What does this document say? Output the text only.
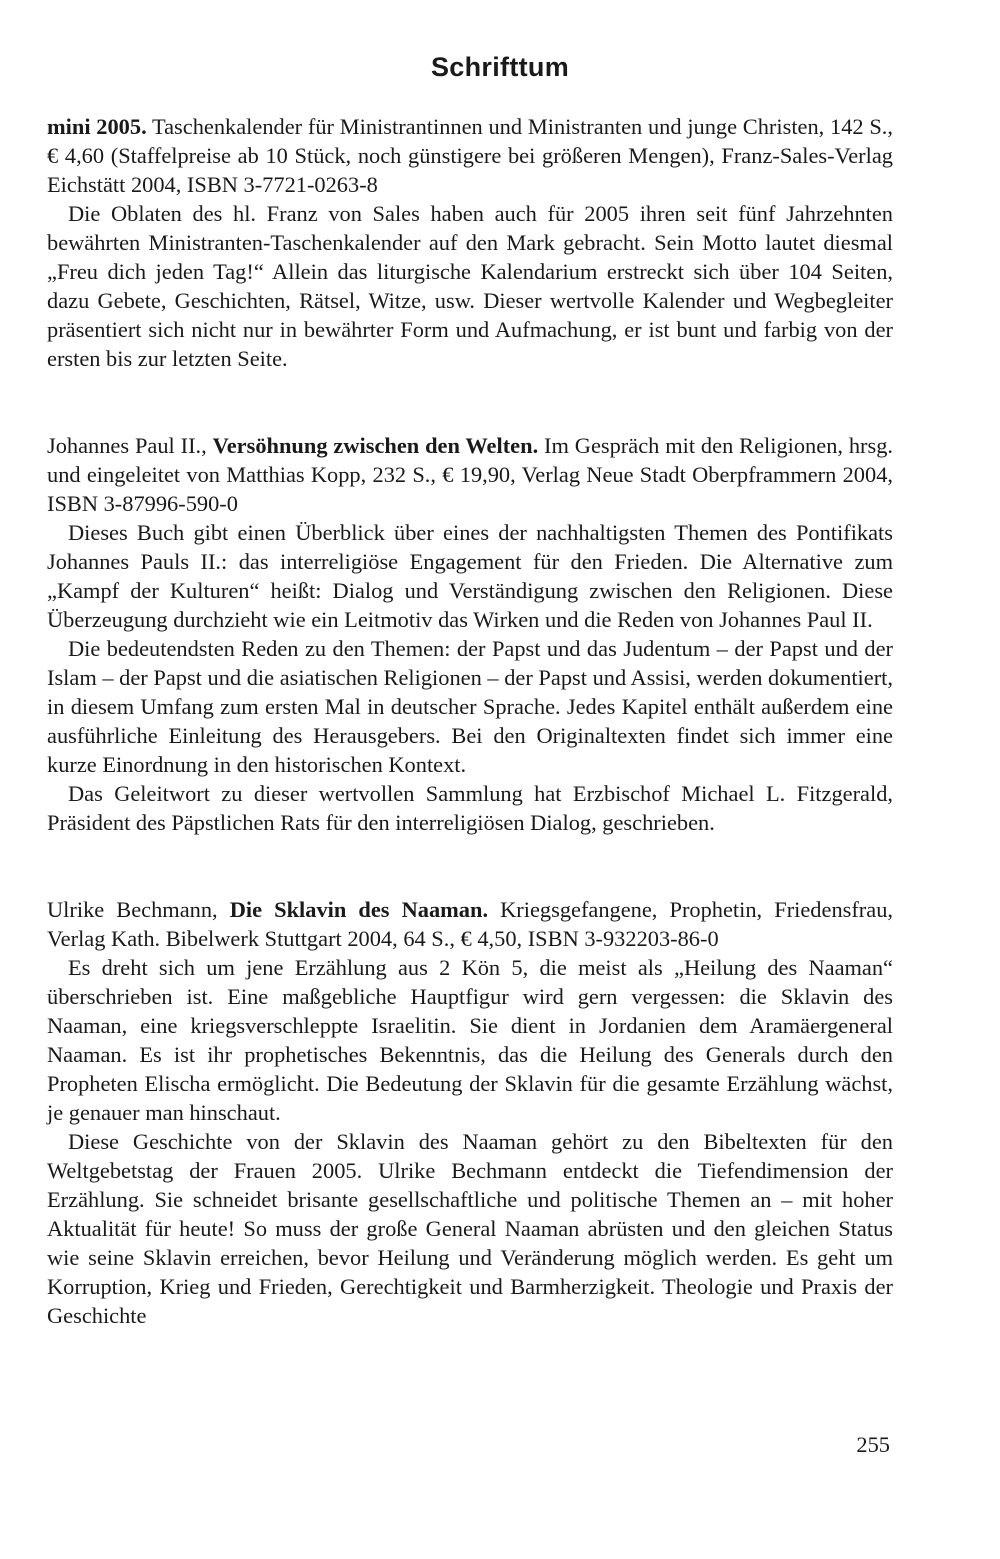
Schrifttum

mini 2005. Taschenkalender für Ministrantinnen und Ministranten und junge Christen, 142 S., € 4,60 (Staffelpreise ab 10 Stück, noch günstigere bei größeren Mengen), Franz-Sales-Verlag Eichstätt 2004, ISBN 3-7721-0263-8

Die Oblaten des hl. Franz von Sales haben auch für 2005 ihren seit fünf Jahrzehnten bewährten Ministranten-Taschenkalender auf den Mark gebracht. Sein Motto lautet diesmal „Freu dich jeden Tag!“ Allein das liturgische Kalendarium erstreckt sich über 104 Seiten, dazu Gebete, Geschichten, Rätsel, Witze, usw. Dieser wertvolle Kalender und Wegbegleiter präsentiert sich nicht nur in bewährter Form und Aufmachung, er ist bunt und farbig von der ersten bis zur letzten Seite.

Johannes Paul II., Versöhnung zwischen den Welten. Im Gespräch mit den Religionen, hrsg. und eingeleitet von Matthias Kopp, 232 S., € 19,90, Verlag Neue Stadt Oberpframmern 2004, ISBN 3-87996-590-0

Dieses Buch gibt einen Überblick über eines der nachhaltigsten Themen des Pontifikats Johannes Pauls II.: das interreligiöse Engagement für den Frieden. Die Alternative zum „Kampf der Kulturen“ heißt: Dialog und Verständigung zwischen den Religionen. Diese Überzeugung durchzieht wie ein Leitmotiv das Wirken und die Reden von Johannes Paul II.

Die bedeutendsten Reden zu den Themen: der Papst und das Judentum – der Papst und der Islam – der Papst und die asiatischen Religionen – der Papst und Assisi, werden dokumentiert, in diesem Umfang zum ersten Mal in deutscher Sprache. Jedes Kapitel enthält außerdem eine ausführliche Einleitung des Herausgebers. Bei den Originaltexten findet sich immer eine kurze Einordnung in den historischen Kontext.

Das Geleitwort zu dieser wertvollen Sammlung hat Erzbischof Michael L. Fitzgerald, Präsident des Päpstlichen Rats für den interreligiösen Dialog, geschrieben.

Ulrike Bechmann, Die Sklavin des Naaman. Kriegsgefangene, Prophetin, Friedensfrau, Verlag Kath. Bibelwerk Stuttgart 2004, 64 S., € 4,50, ISBN 3-932203-86-0

Es dreht sich um jene Erzählung aus 2 Kön 5, die meist als „Heilung des Naaman“ überschrieben ist. Eine maßgebliche Hauptfigur wird gern vergessen: die Sklavin des Naaman, eine kriegsverschleppte Israelitin. Sie dient in Jordanien dem Aramäergeneral Naaman. Es ist ihr prophetisches Bekenntnis, das die Heilung des Generals durch den Propheten Elischa ermöglicht. Die Bedeutung der Sklavin für die gesamte Erzählung wächst, je genauer man hinschaut.

Diese Geschichte von der Sklavin des Naaman gehört zu den Bibeltexten für den Weltgebetstag der Frauen 2005. Ulrike Bechmann entdeckt die Tiefendimension der Erzählung. Sie schneidet brisante gesellschaftliche und politische Themen an – mit hoher Aktualität für heute! So muss der große General Naaman abrüsten und den gleichen Status wie seine Sklavin erreichen, bevor Heilung und Veränderung möglich werden. Es geht um Korruption, Krieg und Frieden, Gerechtigkeit und Barmherzigkeit. Theologie und Praxis der Geschichte

255
